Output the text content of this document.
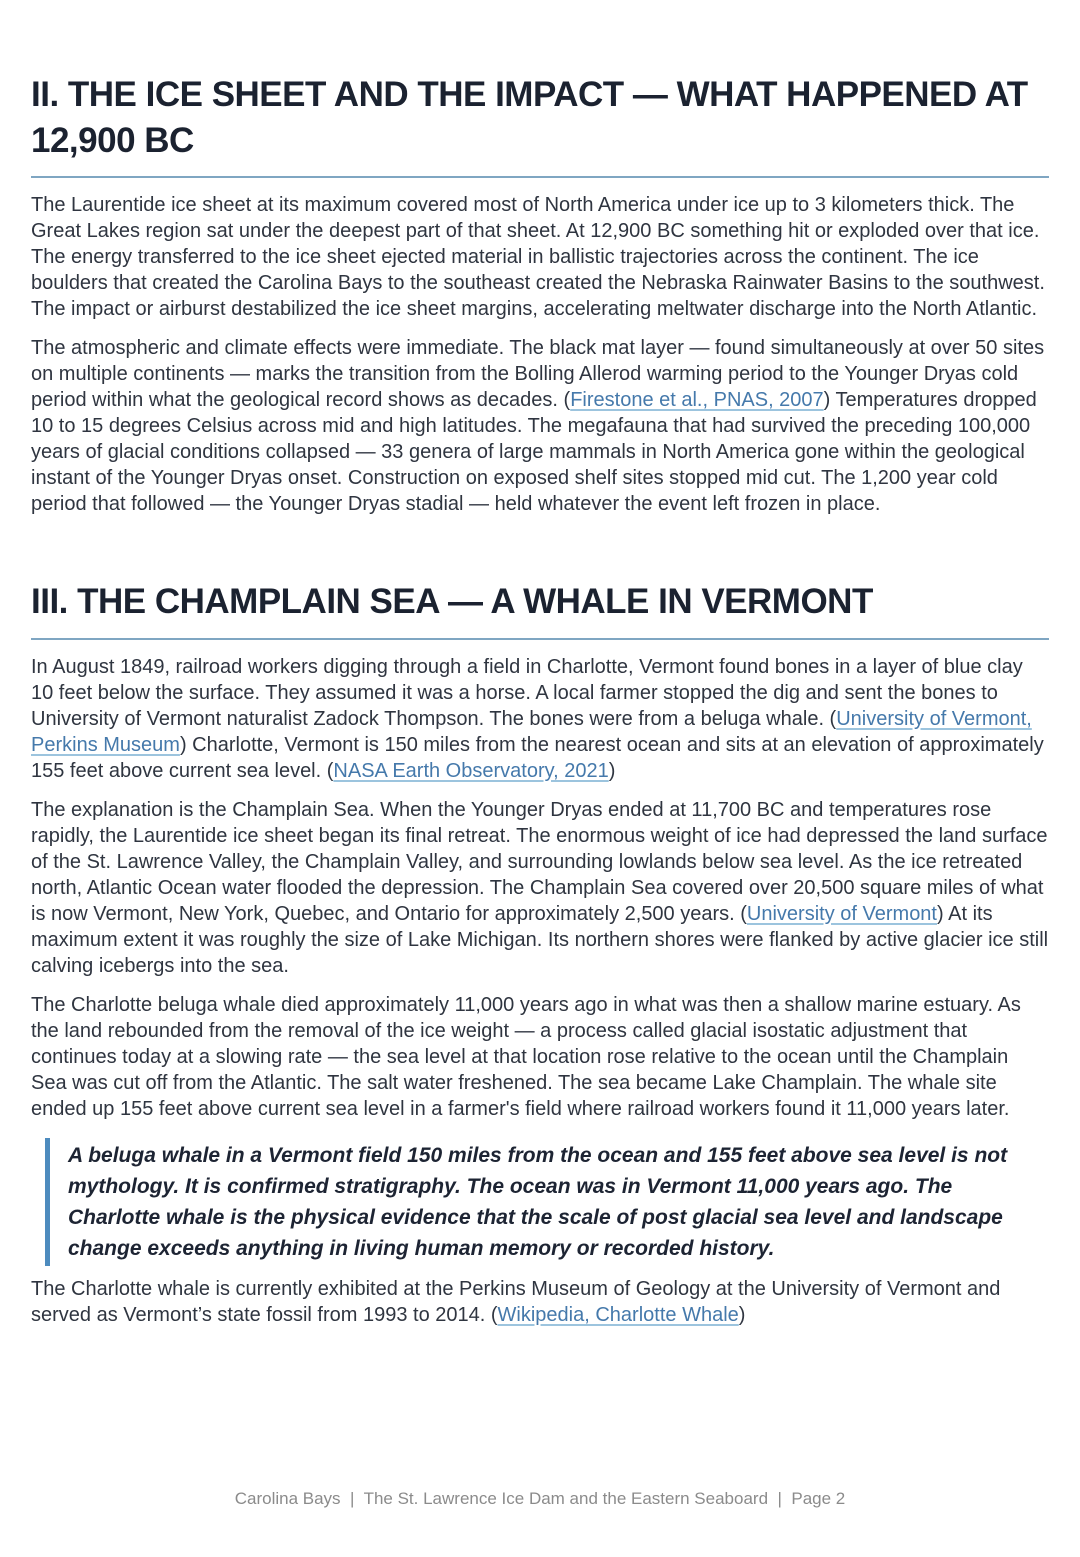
II. THE ICE SHEET AND THE IMPACT — WHAT HAPPENED AT 12,900 BC

The Laurentide ice sheet at its maximum covered most of North America under ice up to 3 kilometers thick. The Great Lakes region sat under the deepest part of that sheet. At 12,900 BC something hit or exploded over that ice. The energy transferred to the ice sheet ejected material in ballistic trajectories across the continent. The ice boulders that created the Carolina Bays to the southeast created the Nebraska Rainwater Basins to the southwest. The impact or airburst destabilized the ice sheet margins, accelerating meltwater discharge into the North Atlantic.

The atmospheric and climate effects were immediate. The black mat layer — found simultaneously at over 50 sites on multiple continents — marks the transition from the Bolling Allerod warming period to the Younger Dryas cold period within what the geological record shows as decades. (Firestone et al., PNAS, 2007) Temperatures dropped 10 to 15 degrees Celsius across mid and high latitudes. The megafauna that had survived the preceding 100,000 years of glacial conditions collapsed — 33 genera of large mammals in North America gone within the geological instant of the Younger Dryas onset. Construction on exposed shelf sites stopped mid cut. The 1,200 year cold period that followed — the Younger Dryas stadial — held whatever the event left frozen in place.

III. THE CHAMPLAIN SEA — A WHALE IN VERMONT

In August 1849, railroad workers digging through a field in Charlotte, Vermont found bones in a layer of blue clay 10 feet below the surface. They assumed it was a horse. A local farmer stopped the dig and sent the bones to University of Vermont naturalist Zadock Thompson. The bones were from a beluga whale. (University of Vermont, Perkins Museum) Charlotte, Vermont is 150 miles from the nearest ocean and sits at an elevation of approximately 155 feet above current sea level. (NASA Earth Observatory, 2021)

The explanation is the Champlain Sea. When the Younger Dryas ended at 11,700 BC and temperatures rose rapidly, the Laurentide ice sheet began its final retreat. The enormous weight of ice had depressed the land surface of the St. Lawrence Valley, the Champlain Valley, and surrounding lowlands below sea level. As the ice retreated north, Atlantic Ocean water flooded the depression. The Champlain Sea covered over 20,500 square miles of what is now Vermont, New York, Quebec, and Ontario for approximately 2,500 years. (University of Vermont) At its maximum extent it was roughly the size of Lake Michigan. Its northern shores were flanked by active glacier ice still calving icebergs into the sea.

The Charlotte beluga whale died approximately 11,000 years ago in what was then a shallow marine estuary. As the land rebounded from the removal of the ice weight — a process called glacial isostatic adjustment that continues today at a slowing rate — the sea level at that location rose relative to the ocean until the Champlain Sea was cut off from the Atlantic. The salt water freshened. The sea became Lake Champlain. The whale site ended up 155 feet above current sea level in a farmer's field where railroad workers found it 11,000 years later.

A beluga whale in a Vermont field 150 miles from the ocean and 155 feet above sea level is not mythology. It is confirmed stratigraphy. The ocean was in Vermont 11,000 years ago. The Charlotte whale is the physical evidence that the scale of post glacial sea level and landscape change exceeds anything in living human memory or recorded history.

The Charlotte whale is currently exhibited at the Perkins Museum of Geology at the University of Vermont and served as Vermont’s state fossil from 1993 to 2014. (Wikipedia, Charlotte Whale)

Carolina Bays  |  The St. Lawrence Ice Dam and the Eastern Seaboard  |  Page 2
